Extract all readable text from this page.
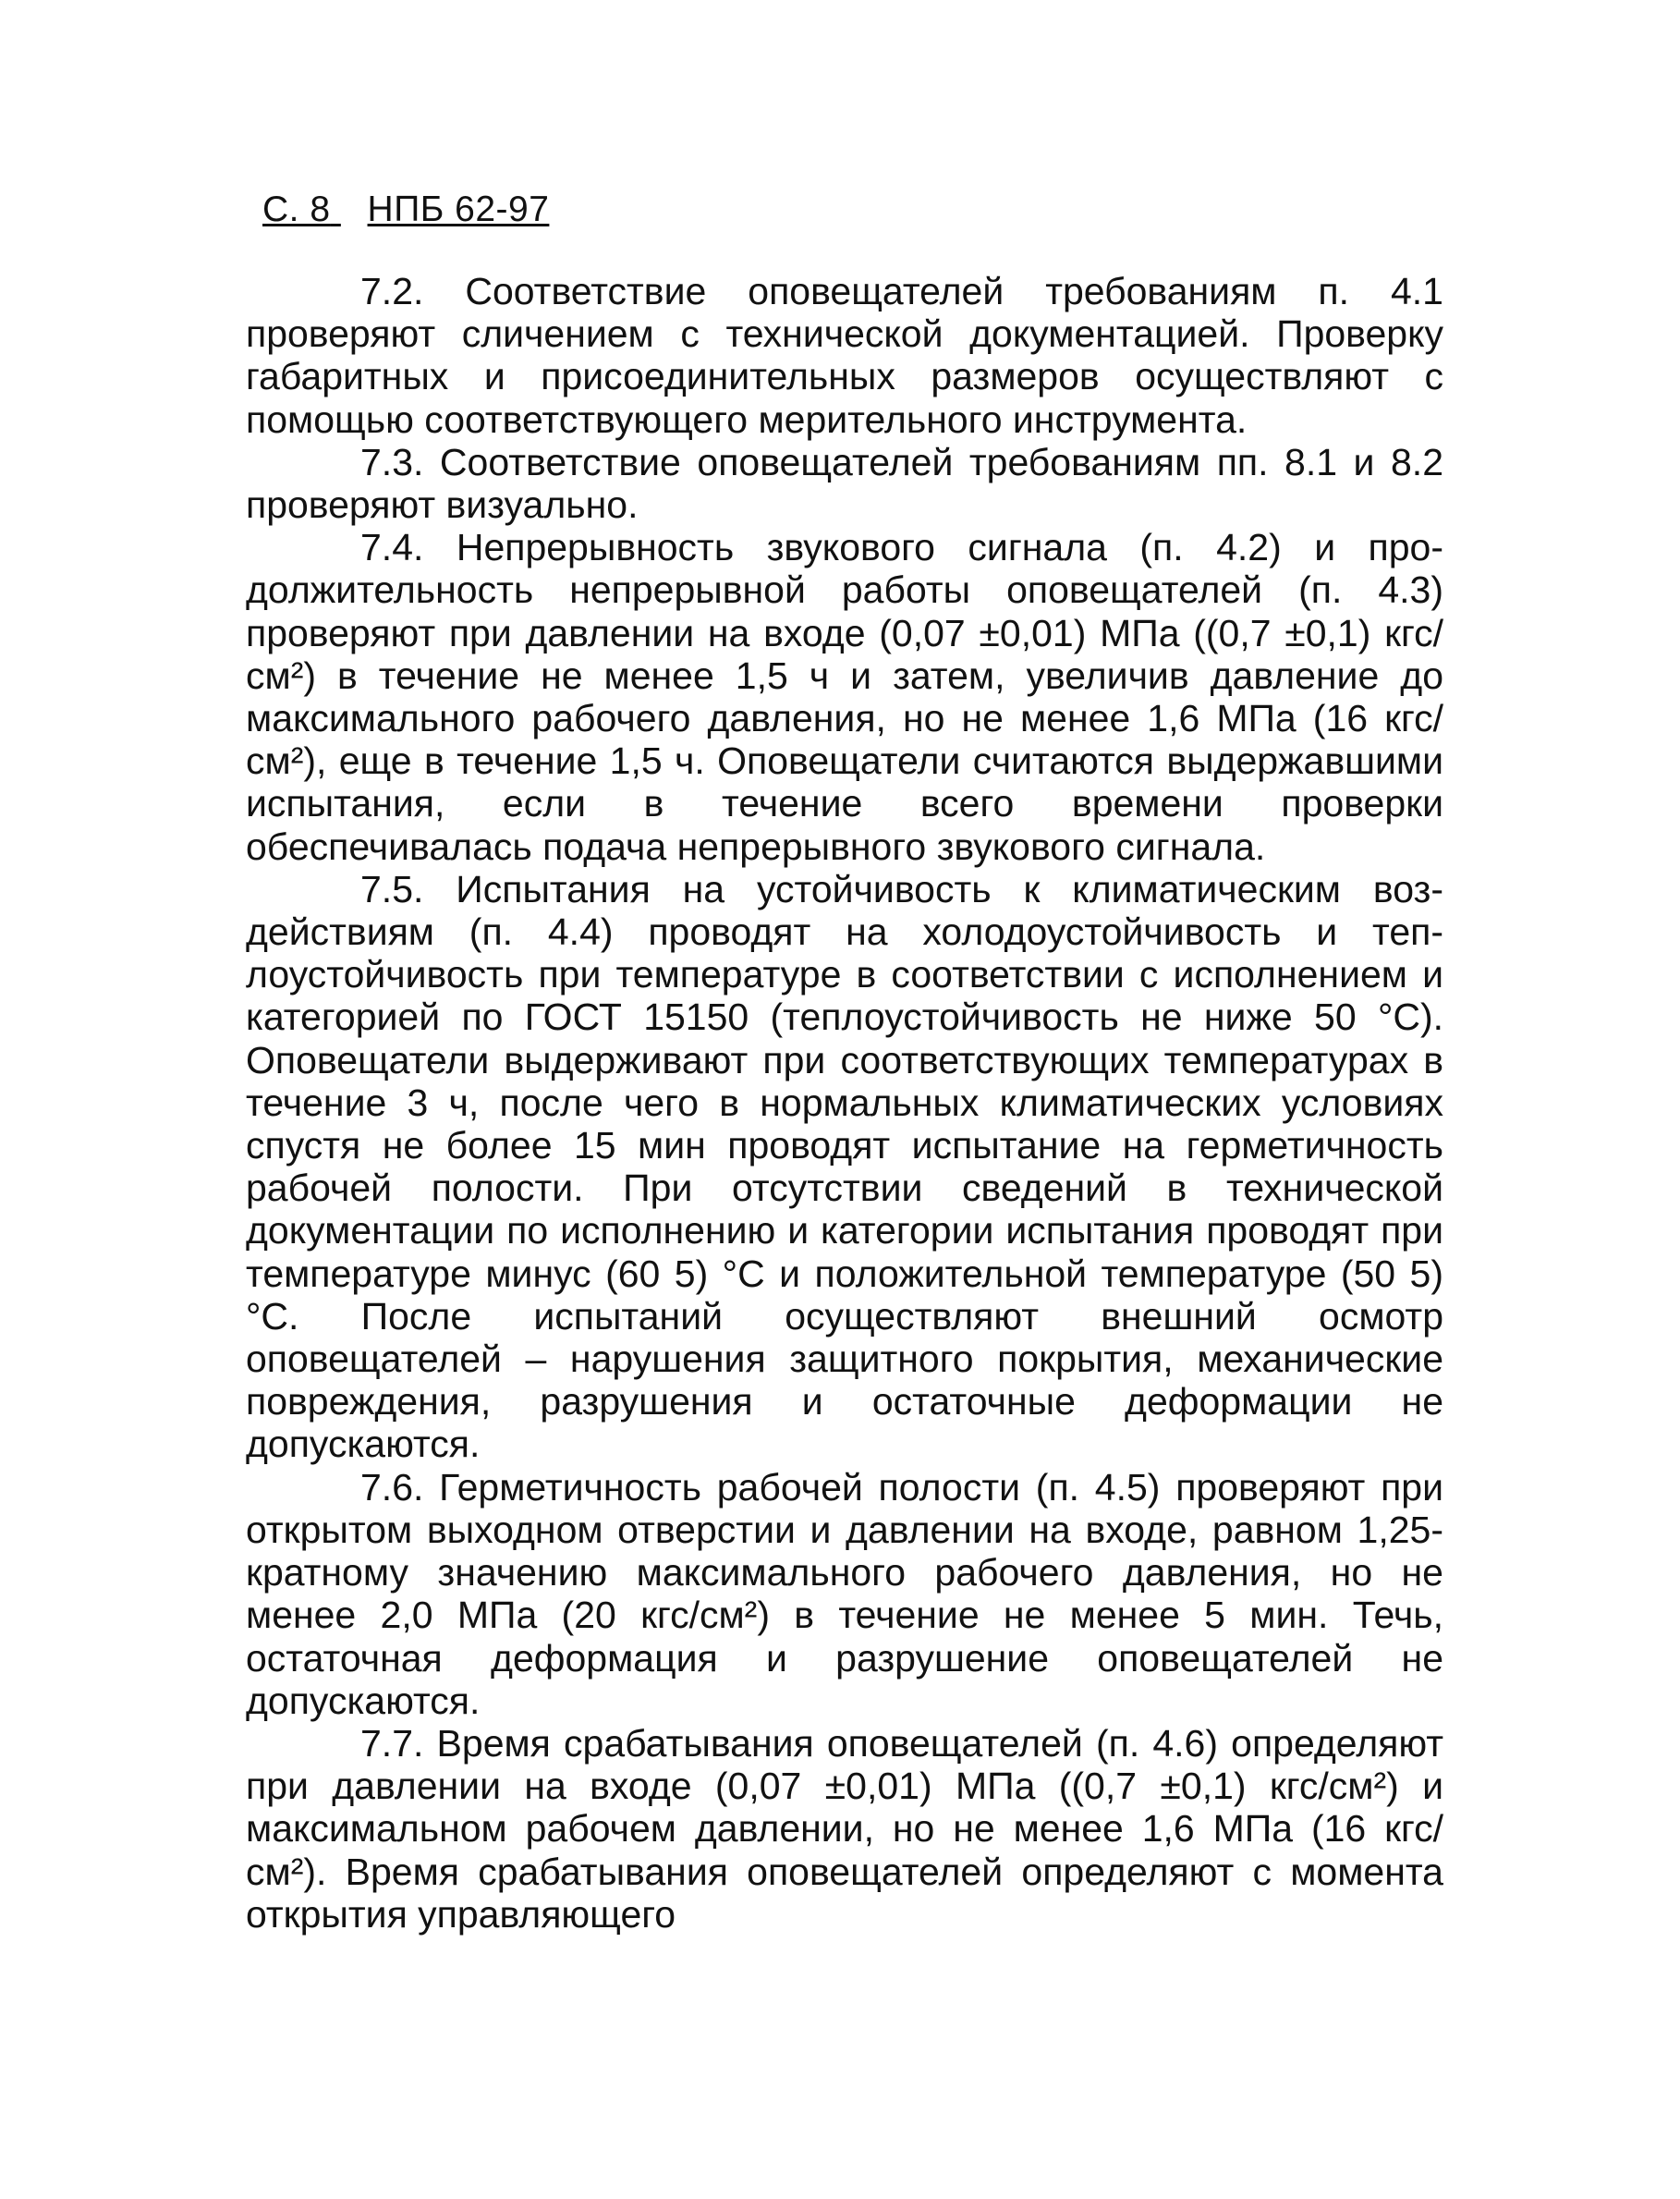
С. 8 НПБ 62-97

7.2. Соответствие оповещателей требованиям п. 4.1 проверяют сличением с технической документацией. Проверку габаритных и присоединительных размеров осуществляют с помощью соответствующего мерительного инструмента.

7.3. Соответствие оповещателей требованиям пп. 8.1 и 8.2 проверяют визуально.

7.4. Непрерывность звукового сигнала (п. 4.2) и продолжительность непрерывной работы оповещателей (п. 4.3) проверяют при давлении на входе (0,07 ±0,01) МПа ((0,7 ±0,1) кгс/см²) в течение не менее 1,5 ч и затем, увеличив давление до максимального рабочего давления, но не менее 1,6 МПа (16 кгс/см²), еще в течение 1,5 ч. Оповещатели считаются выдержавшими испытания, если в течение всего времени проверки обеспечивалась подача непрерывного звукового сигнала.

7.5. Испытания на устойчивость к климатическим воздействиям (п. 4.4) проводят на холодоустойчивость и теплоустойчивость при температуре в соответствии с исполнением и категорией по ГОСТ 15150 (теплоустойчивость не ниже 50 °С). Оповещатели выдерживают при соответствующих температурах в течение 3 ч, после чего в нормальных климатических условиях спустя не более 15 мин проводят испытание на герметичность рабочей полости. При отсутствии сведений в технической документации по исполнению и категории испытания проводят при температуре минус (60 5) °С и положительной температуре (50 5) °С. После испытаний осуществляют внешний осмотр оповещателей – нарушения защитного покрытия, механические повреждения, разрушения и остаточные деформации не допускаются.

7.6. Герметичность рабочей полости (п. 4.5) проверяют при открытом выходном отверстии и давлении на входе, равном 1,25-кратному значению максимального рабочего давления, но не менее 2,0 МПа (20 кгс/см²) в течение не менее 5 мин. Течь, остаточная деформация и разрушение оповещателей не допускаются.

7.7. Время срабатывания оповещателей (п. 4.6) определяют при давлении на входе (0,07 ±0,01) МПа ((0,7 ±0,1) кгс/см²) и максимальном рабочем давлении, но не менее 1,6 МПа (16 кгс/см²). Время срабатывания оповещателей определяют с момента открытия управляющего
